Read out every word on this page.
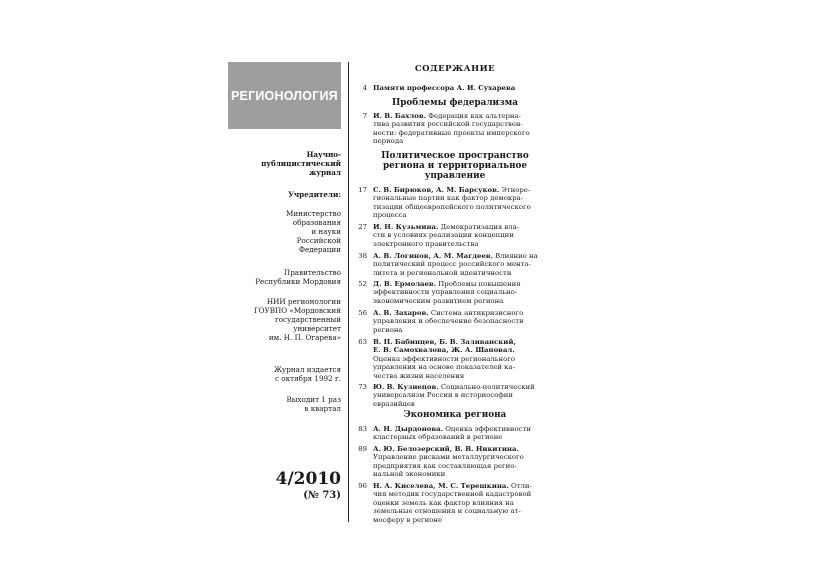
РЕГИОНОЛОГИЯ
Научно-
публицистический
журнал
Учредители:
Министерство
образования
и науки
Российской
Федерации
Правительство
Республики Мордовия
НИИ регионологии
ГОУВПО «Мордовский
государственный
университет
им. Н. П. Огарева»
Журнал издается
с октября 1992 г.
Выходит 1 раз
в квартал
4/2010
(№ 73)
СОДЕРЖАНИЕ
4 Памяти профессора А. И. Сухарева
Проблемы федерализма
7 И. В. Бахлов. Федерация как альтерна-
тива развития российской государствен-
ности: федеративные проекты имперского
периода
Политическое пространство
региона и территориальное
управление
17 С. В. Бирюков, А. М. Барсуков. Этноре-
гиональные партии как фактор демокра-
тизации общеевропейского политического
процесса
27 И. Н. Кузьмина. Демократизация вла-
сти в условиях реализации концепции
электронного правительства
38 А. В. Логинов, А. М. Магдеев. Влияние на
политический процесс российского мента-
литета и региональной идентичности
52 Д. В. Ермолаев. Проблемы повышения
эффективности управления социально-
экономическим развитием региона
56 А. В. Захаров. Система антикризисного
управления и обеспечение безопасности
региона
63 В. П. Бабинцев, Б. В. Заливанский,
Е. В. Самохвалова, Ж. А. Шаповал.
Оценка эффективности регионального
управления на основе показателей ка-
чества жизни населения
73 Ю. В. Кузнецов. Социально-политический
универсализм России в историософии
евразийцев
Экономика региона
83 А. Н. Дырдонова. Оценка эффективности
кластерных образований в регионе
89 А. Ю. Белозерский, В. В. Никитина.
Управление рисками металлургического
предприятия как составляющая регио-
нальной экономики
96 Н. А. Киселева, М. С. Терешкина. Отли-
чия методик государственной кадастровой
оценки земель как фактор влияния на
земельные отношения и социальную ат-
мосферу в регионе
